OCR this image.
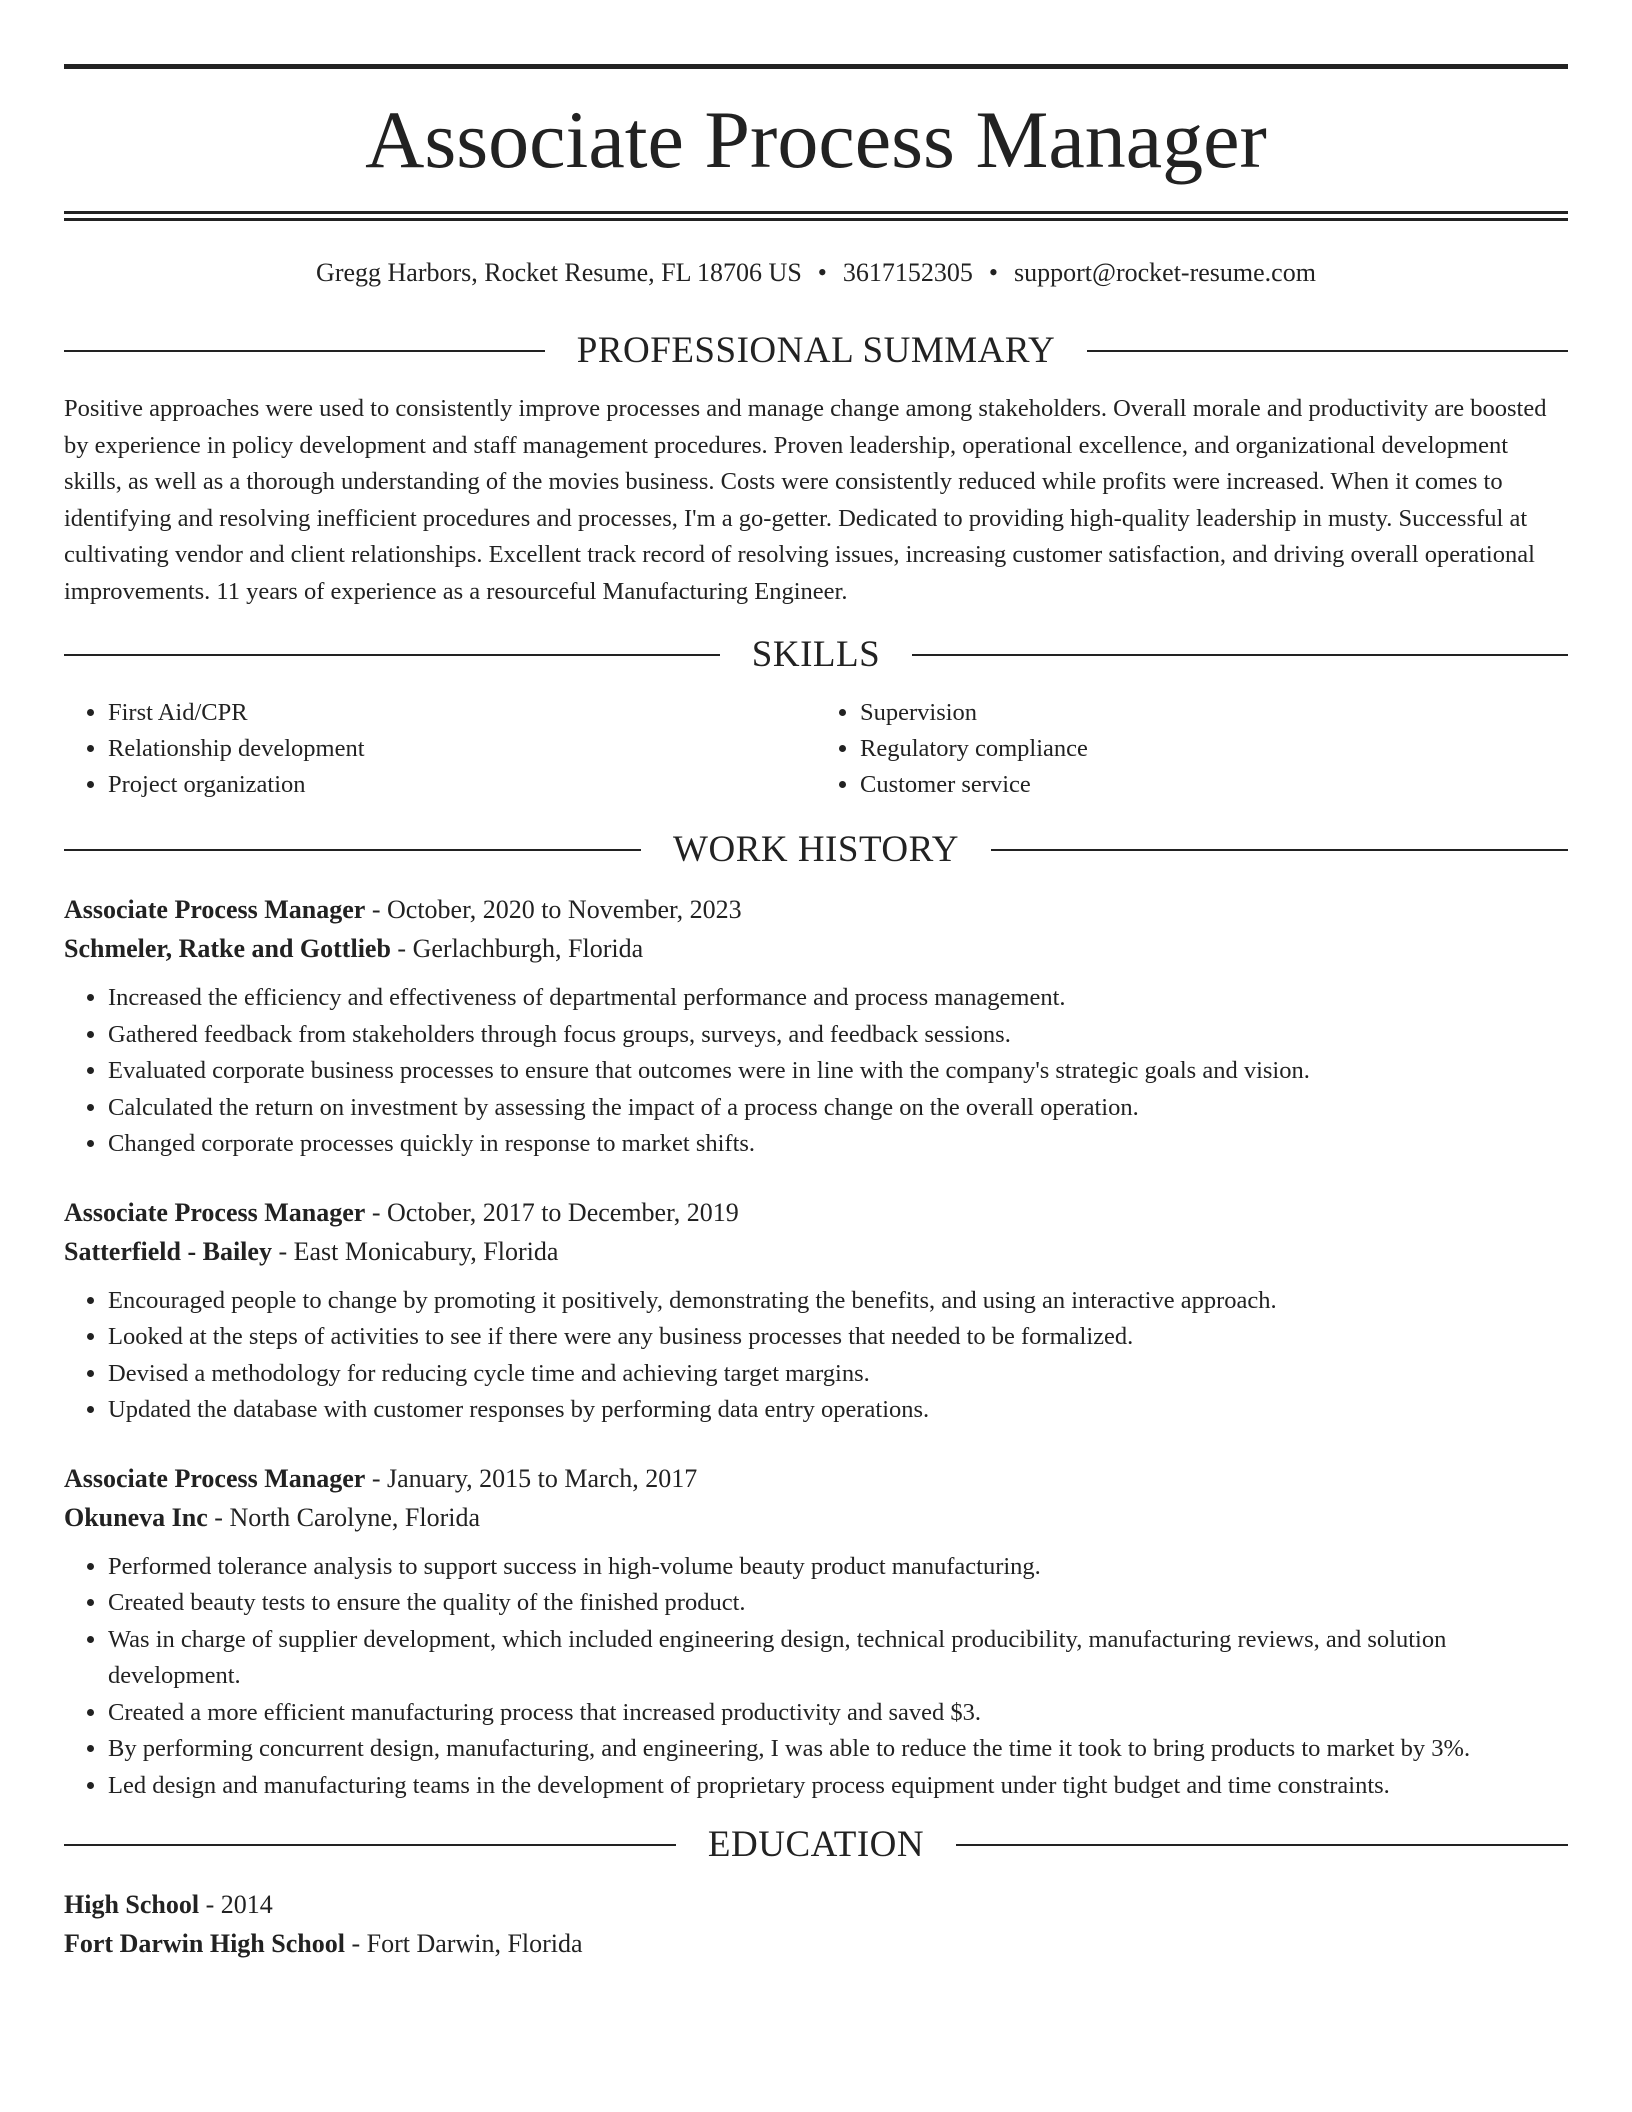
Associate Process Manager
Gregg Harbors, Rocket Resume, FL 18706 US • 3617152305 • support@rocket-resume.com
PROFESSIONAL SUMMARY

Positive approaches were used to consistently improve processes and manage change among stakeholders. Overall morale and productivity are boosted by experience in policy development and staff management procedures. Proven leadership, operational excellence, and organizational development skills, as well as a thorough understanding of the movies business. Costs were consistently reduced while profits were increased. When it comes to identifying and resolving inefficient procedures and processes, I'm a go-getter. Dedicated to providing high-quality leadership in musty. Successful at cultivating vendor and client relationships. Excellent track record of resolving issues, increasing customer satisfaction, and driving overall operational improvements. 11 years of experience as a resourceful Manufacturing Engineer.

SKILLS
• First Aid/CPR
• Relationship development
• Project organization
• Supervision
• Regulatory compliance
• Customer service
WORK HISTORY
Associate Process Manager - October, 2020 to November, 2023
Schmeler, Ratke and Gottlieb - Gerlachburgh, Florida
• Increased the efficiency and effectiveness of departmental performance and process management.
• Gathered feedback from stakeholders through focus groups, surveys, and feedback sessions.
• Evaluated corporate business processes to ensure that outcomes were in line with the company's strategic goals and vision.
• Calculated the return on investment by assessing the impact of a process change on the overall operation.
• Changed corporate processes quickly in response to market shifts.
Associate Process Manager - October, 2017 to December, 2019
Satterfield - Bailey - East Monicabury, Florida
• Encouraged people to change by promoting it positively, demonstrating the benefits, and using an interactive approach.
• Looked at the steps of activities to see if there were any business processes that needed to be formalized.
• Devised a methodology for reducing cycle time and achieving target margins.
• Updated the database with customer responses by performing data entry operations.
Associate Process Manager - January, 2015 to March, 2017
Okuneva Inc - North Carolyne, Florida
• Performed tolerance analysis to support success in high-volume beauty product manufacturing.
• Created beauty tests to ensure the quality of the finished product.
• Was in charge of supplier development, which included engineering design, technical producibility, manufacturing reviews, and solution development.
• Created a more efficient manufacturing process that increased productivity and saved $3.
• By performing concurrent design, manufacturing, and engineering, I was able to reduce the time it took to bring products to market by 3%.
• Led design and manufacturing teams in the development of proprietary process equipment under tight budget and time constraints.
EDUCATION
High School - 2014
Fort Darwin High School - Fort Darwin, Florida
